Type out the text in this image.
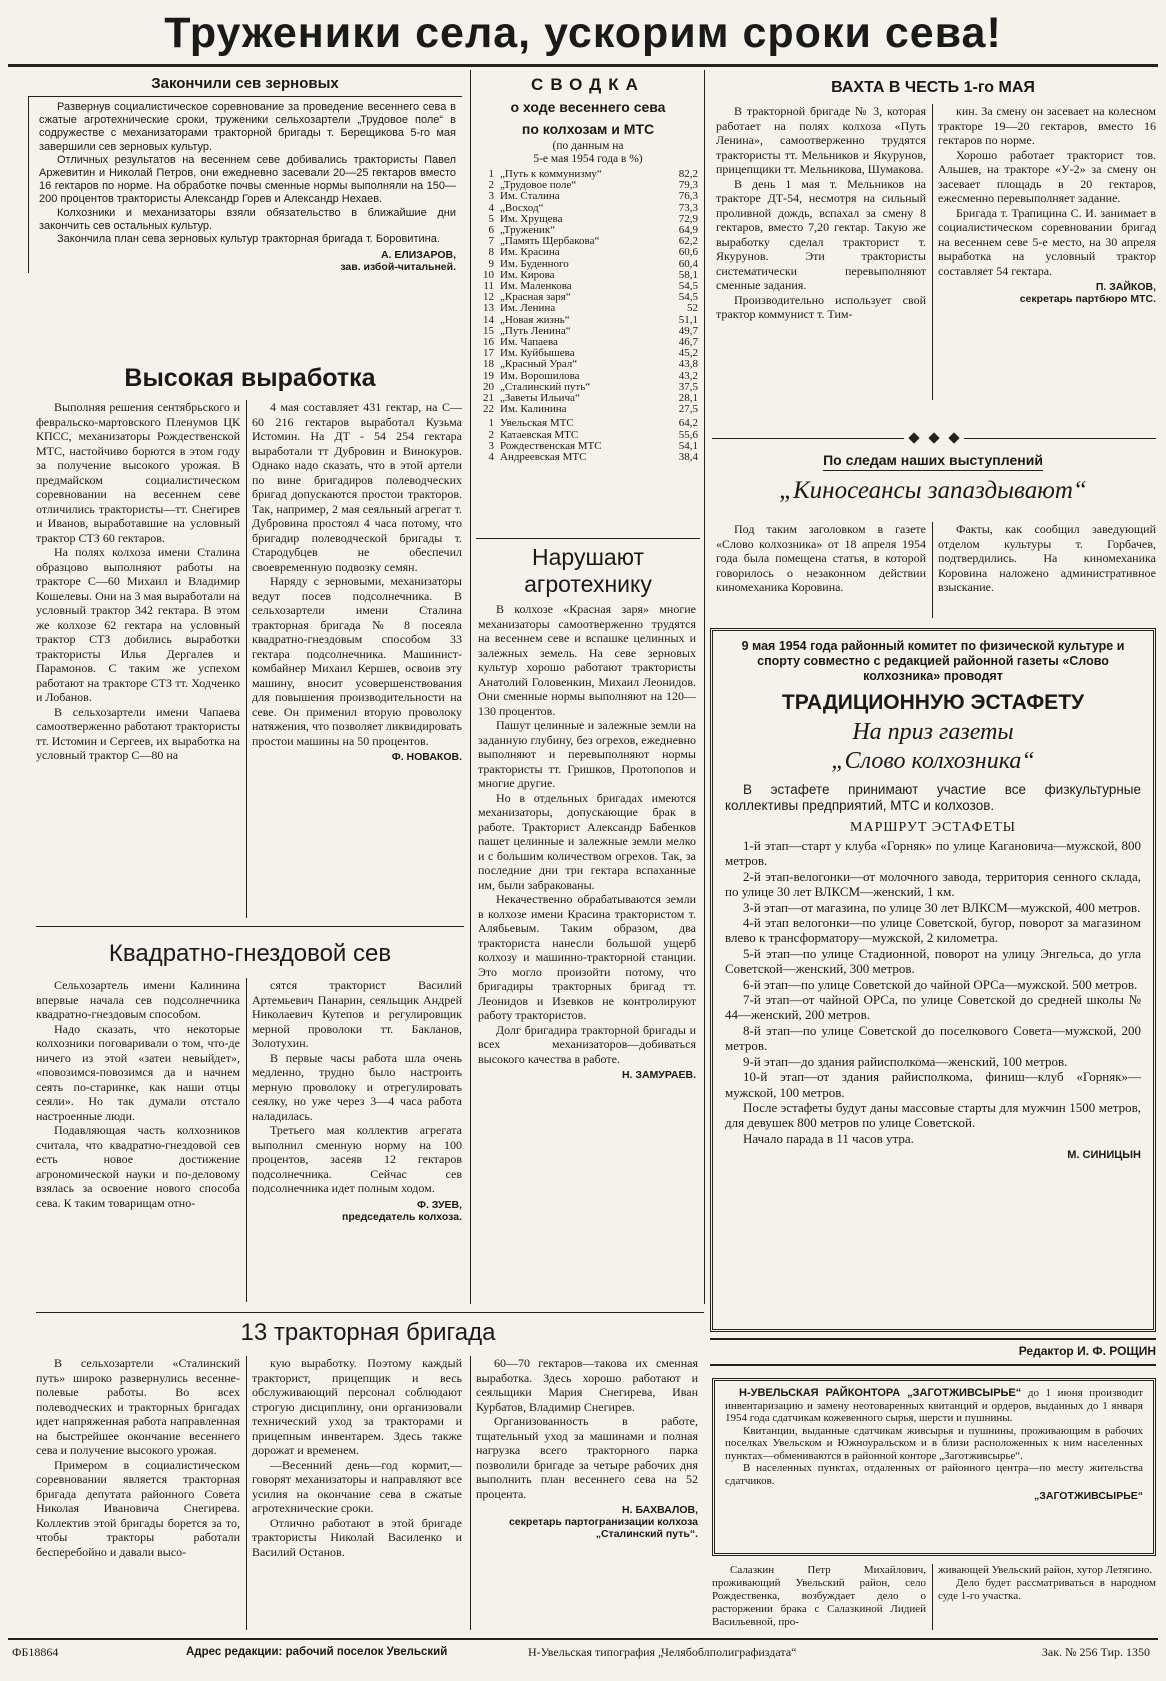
Труженики села, ускорим сроки сева!
Закончили сев зерновых

Развернув социалистическое соревнование за проведение весеннего сева в сжатые агротехнические сроки, труженики сельхозартели „Трудовое поле“ в содружестве с механизаторами тракторной бригады т. Берещикова 5-го мая завершили сев зерновых культур.

Отличных результатов на весеннем севе добивались трактористы Павел Аржевитин и Николай Петров, они ежедневно засевали 20—25 гектаров вместо 16 гектаров по норме. На обработке почвы сменные нормы выполняли на 150—200 процентов трактористы Александр Горев и Александр Нехаев.

Колхозники и механизаторы взяли обязательство в ближайшие дни закончить сев остальных культур.

Закончила план сева зерновых культур тракторная бригада т. Боровитина.

А. ЕЛИЗАРОВ,
зав. избой-читальней.
Высокая выработка

Выполняя решения сентябрьского и февральско-мартовского Пленумов ЦК КПСС, механизаторы Рождественской МТС, настойчиво борются в этом году за получение высокого урожая. В предмайском социалистическом соревновании на весеннем севе отличились трактористы—тт. Снегирев и Иванов, выработавшие на условный трактор СТЗ 60 гектаров.

На полях колхоза имени Сталина образцово выполняют работы на тракторе С—60 Михаил и Владимир Кошелевы. Они на 3 мая выработали на условный трактор 342 гектара. В этом же колхозе 62 гектара на условный трактор СТЗ добились выработки трактористы Илья Дергалев и Парамонов. С таким же успехом работают на тракторе СТЗ тт. Ходченко и Лобанов.

В сельхозартели имени Чапаева самоотверженно работают трактористы тт. Истомин и Сергеев, их выработка на условный трактор С—80 на

4 мая составляет 431 гектар, на С—60 216 гектаров выработал Кузьма Истомин. На ДТ - 54 254 гектара выработали тт Дубровин и Винокуров. Однако надо сказать, что в этой артели по вине бригадиров полеводческих бригад допускаются простои тракторов. Так, например, 2 мая сеяльный агрегат т. Дубровина простоял 4 часа потому, что бригадир полеводческой бригады т. Стародубцев не обеспечил своевременную подвозку семян.

Наряду с зерновыми, механизаторы ведут посев подсолнечника. В сельхозартели имени Сталина тракторная бригада № 8 посеяла квадратно-гнездовым способом 33 гектара подсолнечника. Машинист-комбайнер Михаил Кершев, освоив эту машину, вносит усовершенствования для повышения производительности на севе. Он применил вторую проволоку натяжения, что позволяет ликвидировать простои машины на 50 процентов.

Ф. НОВАКОВ.
Квадратно-гнездовой сев

Сельхозартель имени Калинина впервые начала сев подсолнечника квадратно-гнездовым способом.

Надо сказать, что некоторые колхозники поговаривали о том, что-де ничего из этой «затеи невыйдет», «повозимся-повозимся да и начнем сеять по-старинке, как наши отцы сеяли». Но так думали отстало настроенные люди.

Подавляющая часть колхозников считала, что квадратно-гнездовой сев есть новое достижение агрономической науки и по-деловому взялась за освоение нового способа сева. К таким товарищам отно-

сятся тракторист Василий Артемьевич Панарин, сеяльщик Андрей Николаевич Кутепов и регулировщик мерной проволоки тт. Бакланов, Золотухин.

В первые часы работа шла очень медленно, трудно было настроить мерную проволоку и отрегулировать сеялку, но уже через 3—4 часа работа наладилась.

Третьего мая коллектив агрегата выполнил сменную норму на 100 процентов, засеяв 12 гектаров подсолнечника. Сейчас сев подсолнечника идет полным ходом.

Ф. ЗУЕВ,
председатель колхоза.
СВОДКА
о ходе весеннего сева
по колхозам и МТС
(по данным на
5-е мая 1954 года в %)
1 „Путь к коммунизму“	82,2
2 „Трудовое поле“	79,3
3 Им. Сталина	76,3
4 „Восход“	73,3
5 Им. Хрущева	72,9
6 „Труженик“	64,9
7 „Память Щербакова“	62,2
8 Им. Красина	60,6
9 Им. Буденного	60,4
10 Им. Кирова	58,1
11 Им. Маленкова	54,5
12 „Красная заря“	54,5
13 Им. Ленина	52
14 „Новая жизнь“	51,1
15 „Путь Ленина“	49,7
16 Им. Чапаева	46,7
17 Им. Куйбышева	45,2
18 „Красный Урал“	43,8
19 Им. Ворошилова	43,2
20 „Сталинский путь“	37,5
21 „Заветы Ильича“	28,1
22 Им. Калинина	27,5
1 Увельская МТС	64,2
2 Катаевская МТС	55,6
3 Рождественская МТС	54,1
4 Андреевская МТС	38,4
Нарушают агротехнику

В колхозе «Красная заря» многие механизаторы самоотверженно трудятся на весеннем севе и вспашке целинных и залежных земель. На севе зерновых культур хорошо работают трактористы Анатолий Головенкин, Михаил Леонидов. Они сменные нормы выполняют на 120—130 процентов.

Пашут целинные и залежные земли на заданную глубину, без огрехов, ежедневно выполняют и перевыполняют нормы трактористы тт. Гришков, Протопопов и многие другие.

Но в отдельных бригадах имеются механизаторы, допускающие брак в работе. Тракторист Александр Бабенков пашет целинные и залежные земли мелко и с большим количеством огрехов. Так, за последние дни три гектара вспаханные им, были забракованы.

Некачественно обрабатываются земли в колхозе имени Красина трактористом т. Алябьевым. Таким образом, два тракториста нанесли большой ущерб колхозу и машинно-тракторной станции. Это могло произойти потому, что бригадиры тракторных бригад тт. Леонидов и Изевков не контролируют работу трактористов.

Долг бригадира тракторной бригады и всех механизаторов—добиваться высокого качества в работе.

Н. ЗАМУРАЕВ.
ВАХТА В ЧЕСТЬ 1-го МАЯ

В тракторной бригаде № 3, которая работает на полях колхоза «Путь Ленина», самоотверженно трудятся трактористы тт. Мельников и Якурунов, прицепщики тт. Мельникова, Шумакова.

В день 1 мая т. Мельников на тракторе ДТ-54, несмотря на сильный проливной дождь, вспахал за смену 8 гектаров, вместо 7,20 гектар. Такую же выработку сделал тракторист т. Якурунов. Эти трактористы систематически перевыполняют сменные задания.

Производительно использует свой трактор коммунист т. Тим-

кин. За смену он засевает на колесном тракторе 19—20 гектаров, вместо 16 гектаров по норме.

Хорошо работает тракторист тов. Альшев, на тракторе «У-2» за смену он засевает площадь в 20 гектаров, ежесменно перевыполняет задание.

Бригада т. Трапицина С. И. занимает в социалистическом соревновании бригад на весеннем севе 5-е место, на 30 апреля выработка на условный трактор составляет 54 гектара.

П. ЗАЙКОВ,
секретарь партбюро МТС.
По следам наших выступлений
„Киносеансы запаздывают“

Под таким заголовком в газете «Слово колхозника» от 18 апреля 1954 года была помещена статья, в которой говорилось о незаконном действии киномеханика Коровина.

Факты, как сообщил заведующий отделом культуры т. Горбачев, подтвердились. На киномеханика Коровина наложено административное взыскание.

9 мая 1954 года районный комитет по физической культуре и спорту совместно с редакцией районной газеты «Слово колхозника» проводят
ТРАДИЦИОННУЮ ЭСТАФЕТУ
На приз газеты
„Слово колхозника“

В эстафете принимают участие все физкультурные коллективы предприятий, МТС и колхозов.

МАРШРУТ ЭСТАФЕТЫ

1-й этап—старт у клуба «Горняк» по улице Кагановича—мужской, 800 метров.

2-й этап-велогонки—от молочного завода, территория сенного склада, по улице 30 лет ВЛКСМ—женский, 1 км.

3-й этап—от магазина, по улице 30 лет ВЛКСМ—мужской, 400 метров.

4-й этап велогонки—по улице Советской, бугор, поворот за магазином влево к трансформатору—мужской, 2 километра.

5-й этап—по улице Стадионной, поворот на улицу Энгельса, до угла Советской—женский, 300 метров.

6-й этап—по улице Советской до чайной ОРСа—мужской. 500 метров.

7-й этап—от чайной ОРСа, по улице Советской до средней школы № 44—женский, 200 метров.

8-й этап—по улице Советской до поселкового Совета—мужской, 200 метров.

9-й этап—до здания райисполкома—женский, 100 метров.

10-й этап—от здания райисполкома, финиш—клуб «Горняк»—мужской, 100 метров.

После эстафеты будут даны массовые старты для мужчин 1500 метров, для девушек 800 метров по улице Советской.

Начало парада в 11 часов утра.

М. СИНИЦЫН
Редактор И. Ф. РОЩИН

Н-УВЕЛЬСКАЯ РАЙКОНТОРА „ЗАГОТЖИВСЫРЬЕ“ до 1 июня производит инвентаризацию и замену неотоваренных квитанций и ордеров, выданных до 1 января 1954 года сдатчикам кожевенного сырья, шерсти и пушнины.

Квитанции, выданные сдатчикам живсырья и пушнины, проживающим в рабочих поселках Увельском и Южноуральском и в близи расположенных к ним населенных пунктах—обмениваются в районной конторе „Заготживсырье“.

В населенных пунктах, отдаленных от районного центра—по месту жительства сдатчиков.

„ЗАГОТЖИВСЫРЬЕ“
13 тракторная бригада

В сельхозартели «Сталинский путь» широко развернулись весенне-полевые работы. Во всех полеводческих и тракторных бригадах идет напряженная работа направленная на быстрейшее окончание весеннего сева и получение высокого урожая.

Примером в социалистическом соревновании является тракторная бригада депутата районного Совета Николая Ивановича Снегирева. Коллектив этой бригады борется за то, чтобы тракторы работали бесперебойно и давали высо-

кую выработку. Поэтому каждый тракторист, прицепщик и весь обслуживающий персонал соблюдают строгую дисциплину, они организовали технический уход за тракторами и прицепным инвентарем. Здесь также дорожат и временем.

—Весенний день—год кормит,—говорят механизаторы и направляют все усилия на окончание сева в сжатые агротехнические сроки.

Отлично работают в этой бригаде трактористы Николай Василенко и Василий Останов.

60—70 гектаров—такова их сменная выработка. Здесь хорошо работают и сеяльщики Мария Снегирева, Иван Курбатов, Владимир Снегирев.

Организованность в работе, тщательный уход за машинами и полная нагрузка всего тракторного парка позволили бригаде за четыре рабочих дня выполнить план весеннего сева на 52 процента.

Н. БАХВАЛОВ,
секретарь партогранизации колхоза „Сталинский путь“.

Салазкин Петр Михайлович, проживающий Увельский район, село Рождественка, возбуждает дело о расторжении брака с Салазкиной Лидией Васильевной, про-

живающей Увельский район, хутор Летягино.

Дело будет рассматриваться в народном суде 1-го участка.

ФБ18864	Адрес редакции: рабочий поселок Увельский	Н-Увельская типография „Челябоблполиграфиздата“	Зак. № 256 Тир. 1350
